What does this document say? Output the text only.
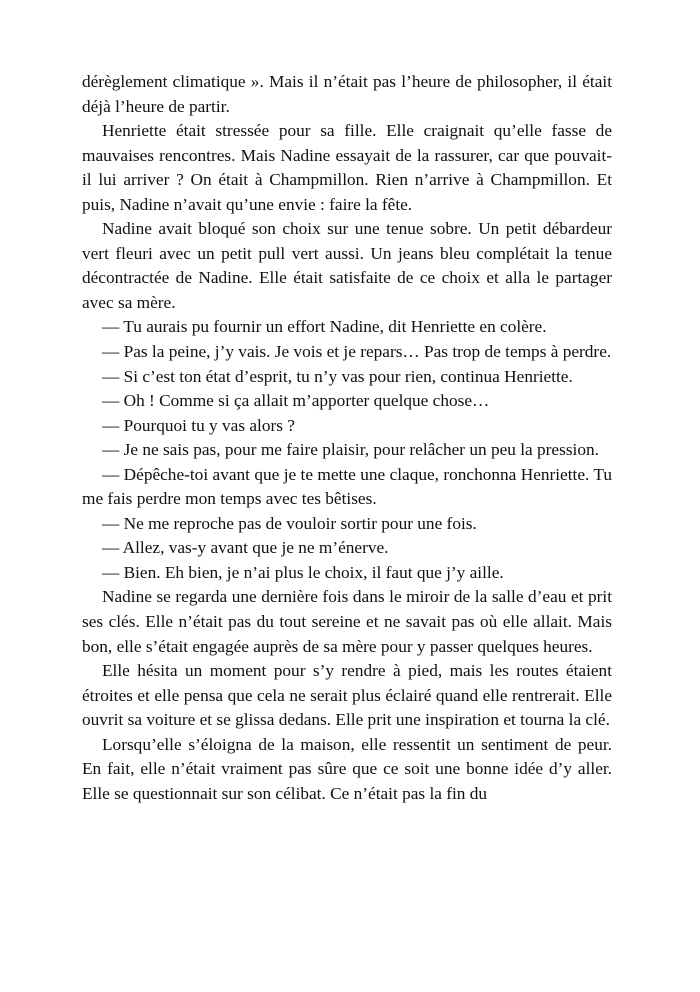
dérèglement climatique ». Mais il n’était pas l’heure de philosopher, il était déjà l’heure de partir.

Henriette était stressée pour sa fille. Elle craignait qu’elle fasse de mauvaises rencontres. Mais Nadine essayait de la rassurer, car que pouvait-il lui arriver ? On était à Champmillon. Rien n’arrive à Champmillon. Et puis, Nadine n’avait qu’une envie : faire la fête.

Nadine avait bloqué son choix sur une tenue sobre. Un petit débardeur vert fleuri avec un petit pull vert aussi. Un jeans bleu complétait la tenue décontractée de Nadine. Elle était satisfaite de ce choix et alla le partager avec sa mère.

— Tu aurais pu fournir un effort Nadine, dit Henriette en colère.

— Pas la peine, j’y vais. Je vois et je repars… Pas trop de temps à perdre.

— Si c’est ton état d’esprit, tu n’y vas pour rien, continua Henriette.

— Oh ! Comme si ça allait m’apporter quelque chose…

— Pourquoi tu y vas alors ?

— Je ne sais pas, pour me faire plaisir, pour relâcher un peu la pression.

— Dépêche-toi avant que je te mette une claque, ronchonna Henriette. Tu me fais perdre mon temps avec tes bêtises.

— Ne me reproche pas de vouloir sortir pour une fois.

— Allez, vas-y avant que je ne m’énerve.

— Bien. Eh bien, je n’ai plus le choix, il faut que j’y aille.

Nadine se regarda une dernière fois dans le miroir de la salle d’eau et prit ses clés. Elle n’était pas du tout sereine et ne savait pas où elle allait. Mais bon, elle s’était engagée auprès de sa mère pour y passer quelques heures.

Elle hésita un moment pour s’y rendre à pied, mais les routes étaient étroites et elle pensa que cela ne serait plus éclairé quand elle rentrerait. Elle ouvrit sa voiture et se glissa dedans. Elle prit une inspiration et tourna la clé.

Lorsqu’elle s’éloigna de la maison, elle ressentit un sentiment de peur. En fait, elle n’était vraiment pas sûre que ce soit une bonne idée d’y aller. Elle se questionnait sur son célibat. Ce n’était pas la fin du
